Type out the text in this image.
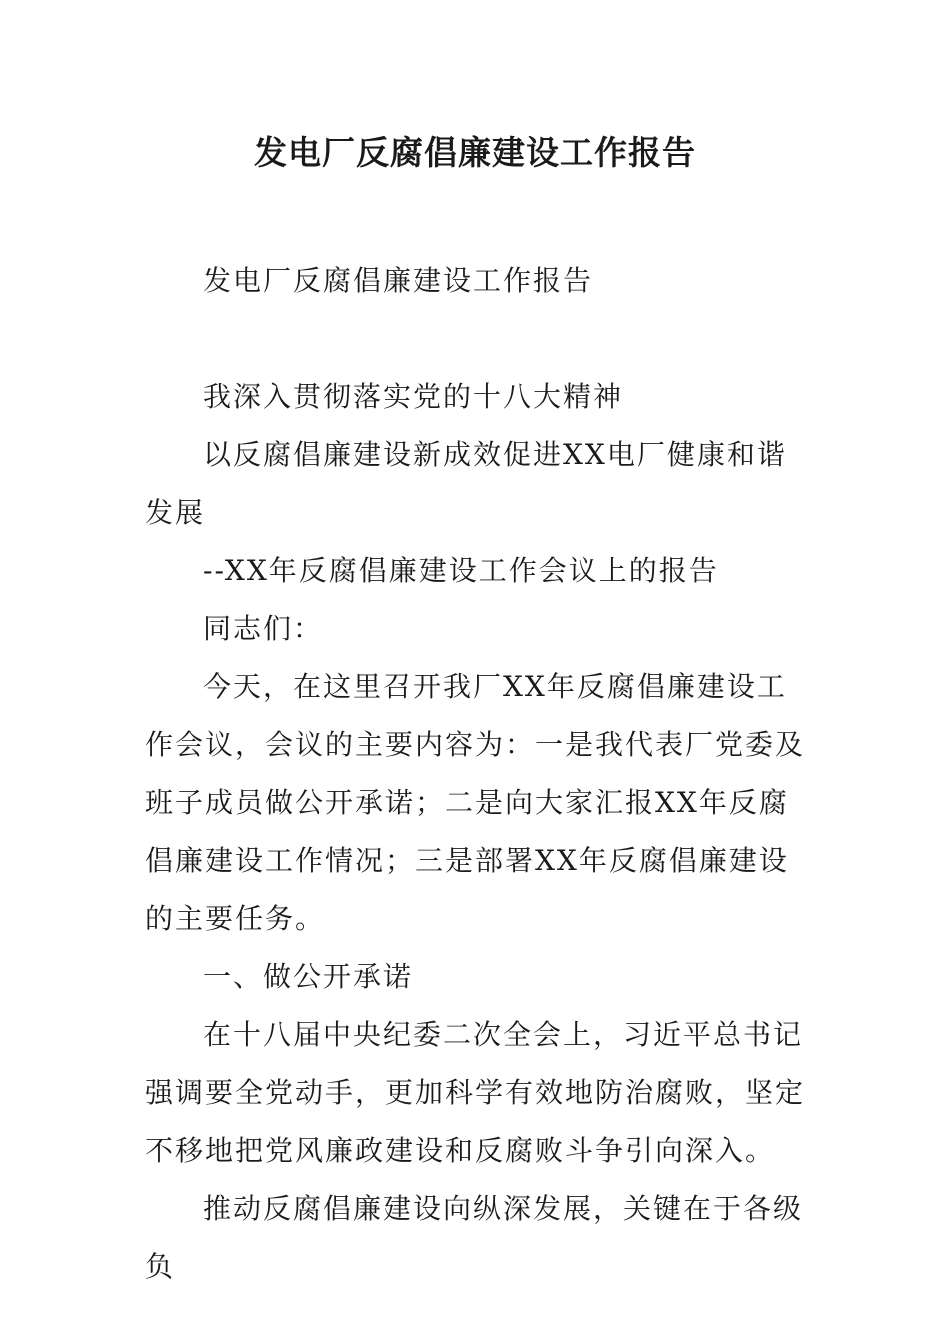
发电厂反腐倡廉建设工作报告

发电厂反腐倡廉建设工作报告

我深入贯彻落实党的十八大精神

以反腐倡廉建设新成效促进XX电厂健康和谐发展

--XX年反腐倡廉建设工作会议上的报告

同志们：

今天，在这里召开我厂XX年反腐倡廉建设工作会议，会议的主要内容为：一是我代表厂党委及班子成员做公开承诺；二是向大家汇报XX年反腐倡廉建设工作情况；三是部署XX年反腐倡廉建设的主要任务。

一、做公开承诺

在十八届中央纪委二次全会上，习近平总书记强调要全党动手，更加科学有效地防治腐败，坚定不移地把党风廉政建设和反腐败斗争引向深入。

推动反腐倡廉建设向纵深发展，关键在于各级负
